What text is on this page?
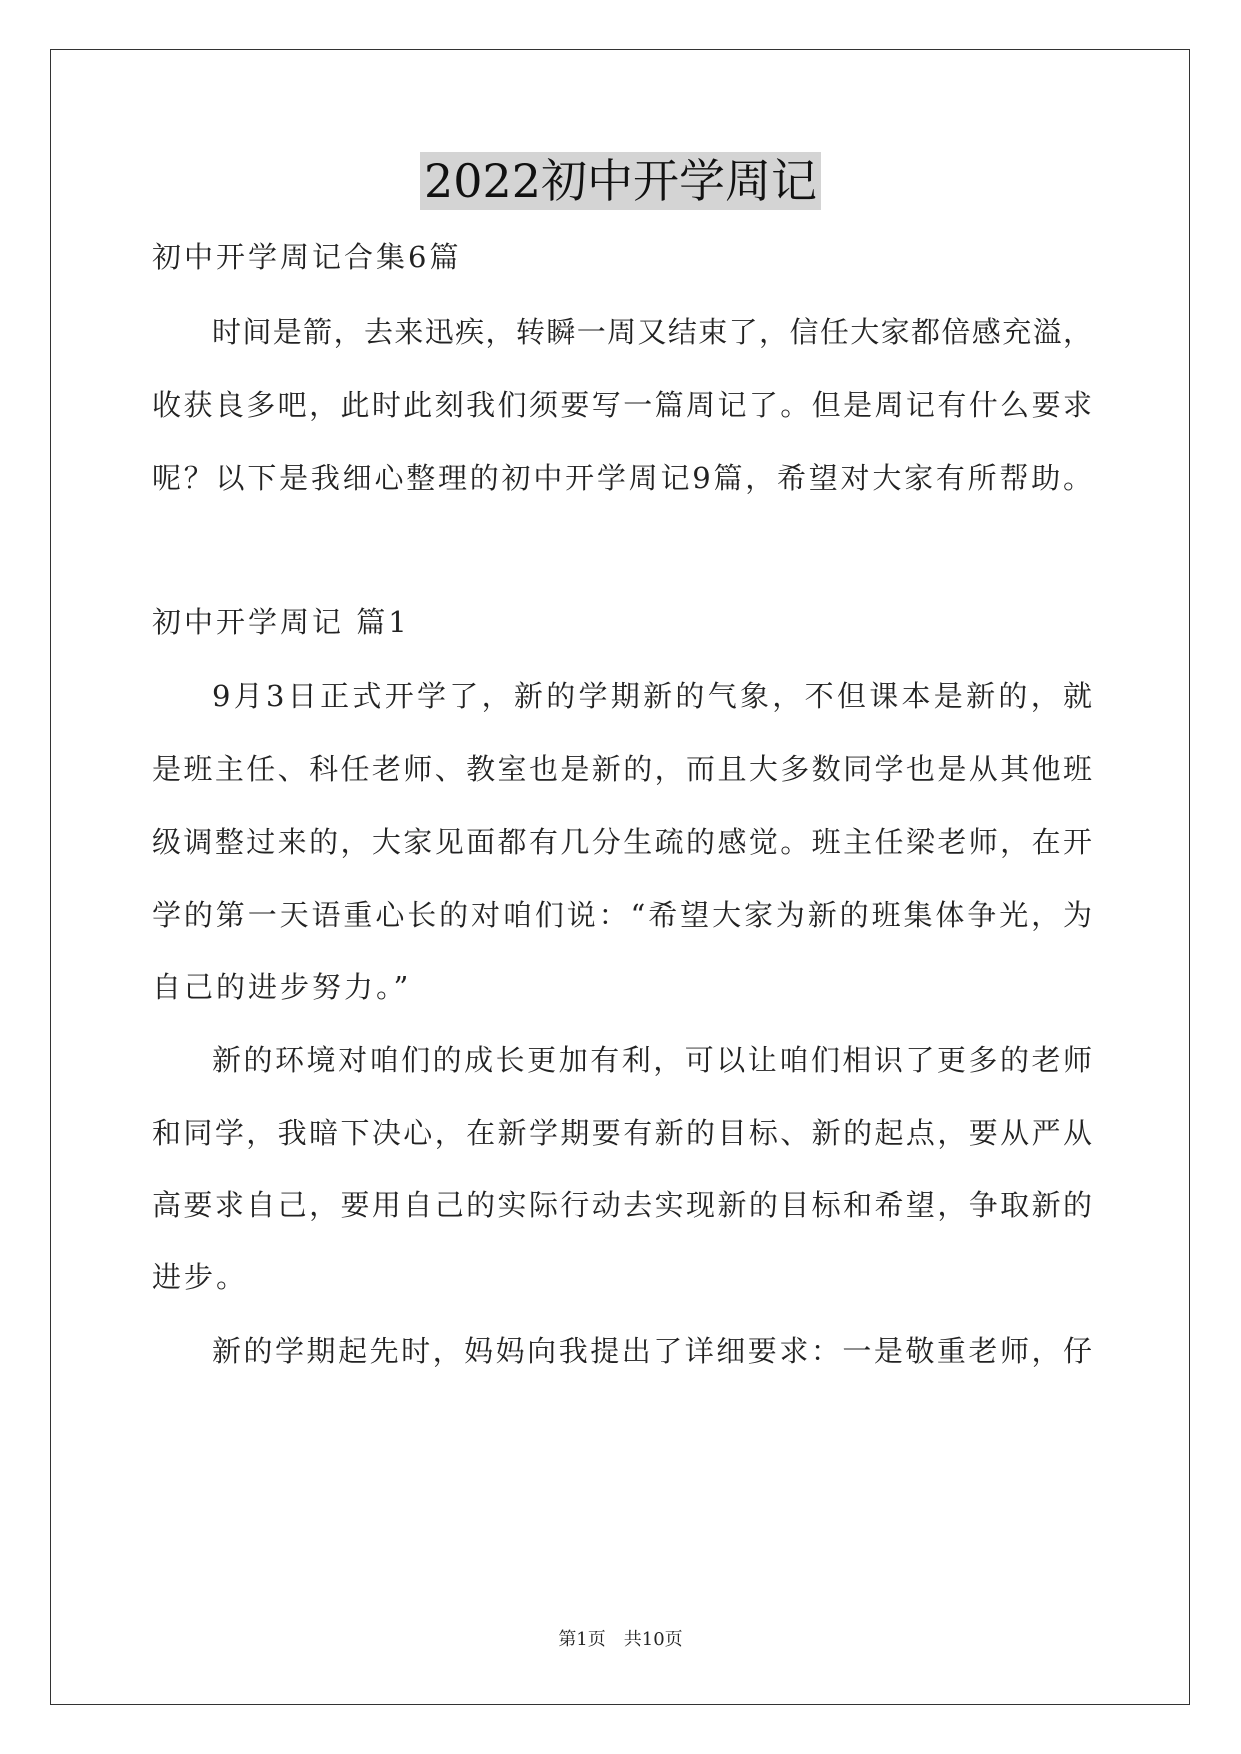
2022初中开学周记
初中开学周记合集6篇
时间是箭，去来迅疾，转瞬一周又结束了，信任大家都倍感充溢，
收获良多吧，此时此刻我们须要写一篇周记了。但是周记有什么要求
呢？以下是我细心整理的初中开学周记9篇，希望对大家有所帮助。
初中开学周记 篇1
9月3日正式开学了，新的学期新的气象，不但课本是新的，就
是班主任、科任老师、教室也是新的，而且大多数同学也是从其他班
级调整过来的，大家见面都有几分生疏的感觉。班主任梁老师，在开
学的第一天语重心长的对咱们说：“希望大家为新的班集体争光，为
自己的进步努力。”
新的环境对咱们的成长更加有利，可以让咱们相识了更多的老师
和同学，我暗下决心，在新学期要有新的目标、新的起点，要从严从
高要求自己，要用自己的实际行动去实现新的目标和希望，争取新的
进步。
新的学期起先时，妈妈向我提出了详细要求：一是敬重老师，仔
第1页　共10页
